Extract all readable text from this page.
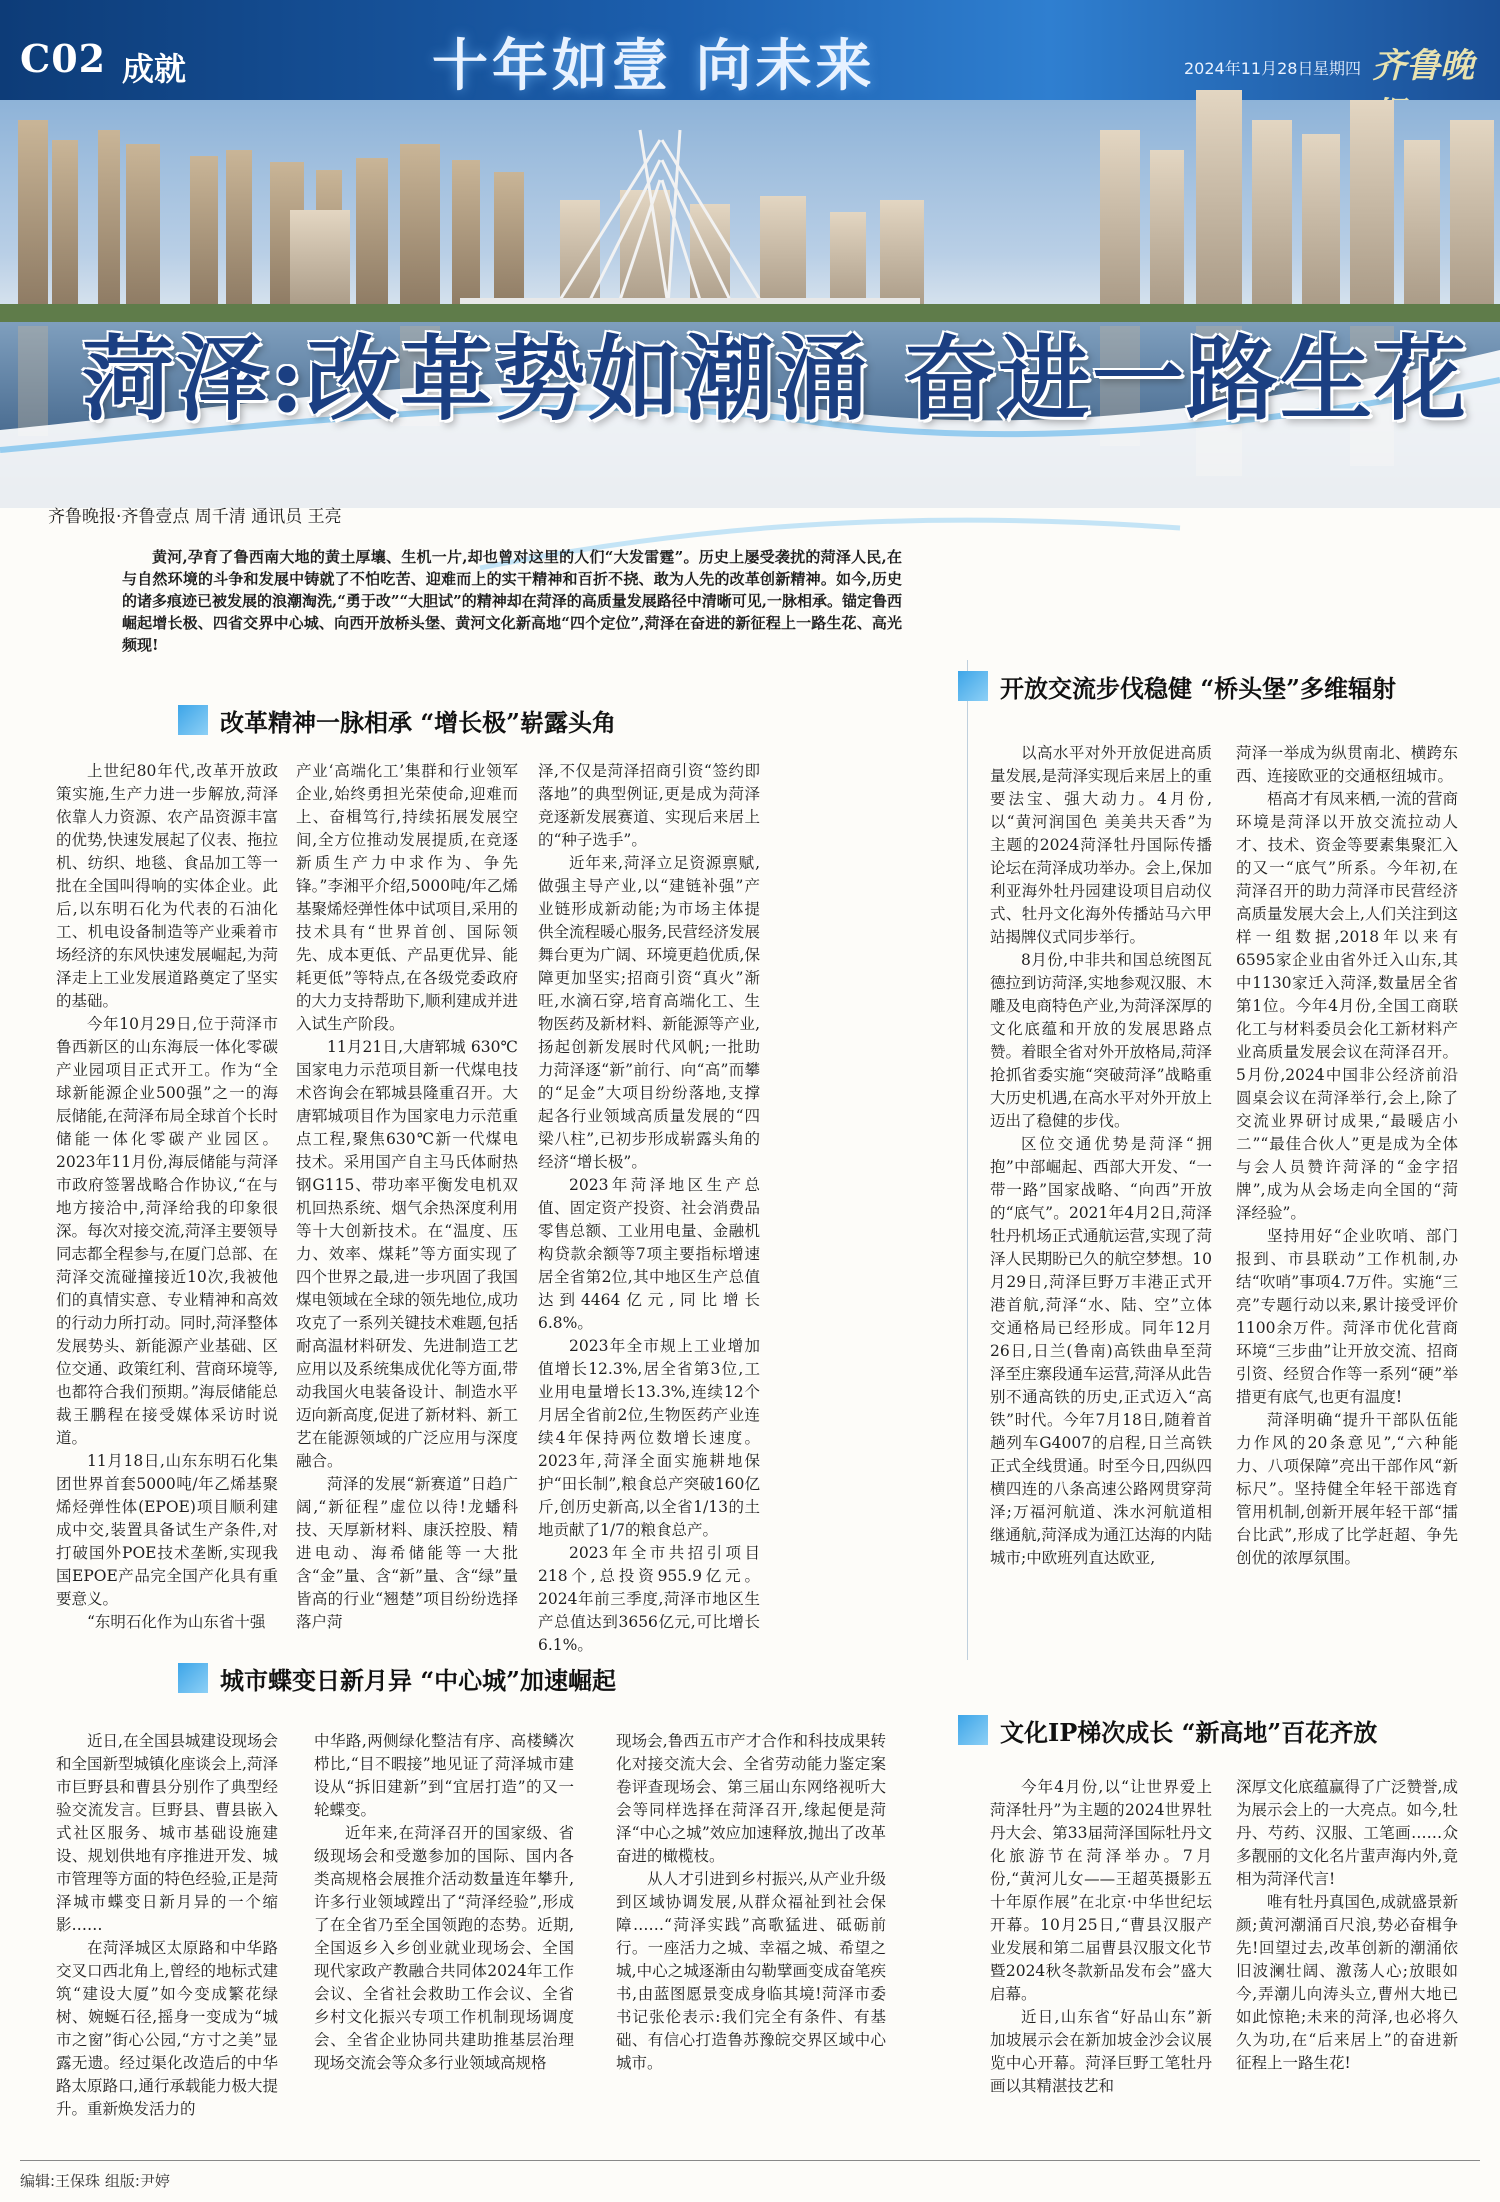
C02 成就	十年如壹 向未来	2024年11月28日 星期四 齐鲁晚
菏泽:改革势如潮涌 奋进一路生花
齐鲁晚报·齐鲁壹点 周千清 通讯员 王亮

黄河,孕育了鲁西南大地的黄土厚壤、生机一片,却也曾对这里的人们“大发雷霆”。历史上屡受袭扰的菏泽人民,在与自然环境的斗争和发展中铸就了不怕吃苦、迎难而上的实干精神和百折不挠、敢为人先的改革创新精神。如今,历史的诸多痕迹已被发展的浪潮淘洗,“勇于改”“大胆试”的精神却在菏泽的高质量发展路径中清晰可见,一脉相承。锚定鲁西崛起增长极、四省交界中心城、向西开放桥头堡、黄河文化新高地“四个定位”,菏泽在奋进的新征程上一路生花、高光频现!

改革精神一脉相承 “增长极”崭露头角

上世纪80年代,改革开放政策实施,生产力进一步解放,菏泽依靠人力资源、农产品资源丰富的优势,快速发展起了仪表、拖拉机、纺织、地毯、食品加工等一批在全国叫得响的实体企业。此后,以东明石化为代表的石油化工、机电设备制造等产业乘着市场经济的东风快速发展崛起,为菏泽走上工业发展道路奠定了坚实的基础。

今年10月29日,位于菏泽市鲁西新区的山东海辰一体化零碳产业园项目正式开工。作为“全球新能源企业500强”之一的海辰储能,在菏泽布局全球首个长时储能一体化零碳产业园区。2023年11月份,海辰储能与菏泽市政府签署战略合作协议,“在与地方接洽中,菏泽给我的印象很深。每次对接交流,菏泽主要领导同志都全程参与,在厦门总部、在菏泽交流碰撞接近10次,我被他们的真情实意、专业精神和高效的行动力所打动。同时,菏泽整体发展势头、新能源产业基础、区位交通、政策红利、营商环境等,也都符合我们预期。”海辰储能总裁王鹏程在接受媒体采访时说道。

11月18日,山东东明石化集团世界首套5000吨/年乙烯基聚烯烃弹性体(EPOE)项目顺利建成中交,装置具备试生产条件,对打破国外POE技术垄断,实现我国EPOE产品完全国产化具有重要意义。

“东明石化作为山东省十强

产业‘高端化工’集群和行业领军企业,始终勇担光荣使命,迎难而上、奋楫笃行,持续拓展发展空间,全方位推动发展提质,在竞逐新质生产力中求作为、争先锋。”李湘平介绍,5000吨/年乙烯基聚烯烃弹性体中试项目,采用的技术具有“世界首创、国际领先、成本更低、产品更优异、能耗更低”等特点,在各级党委政府的大力支持帮助下,顺利建成并进入试生产阶段。

11月21日,大唐郓城 630℃国家电力示范项目新一代煤电技术咨询会在郓城县隆重召开。大唐郓城项目作为国家电力示范重点工程,聚焦630℃新一代煤电技术。采用国产自主马氏体耐热钢G115、带功率平衡发电机双机回热系统、烟气余热深度利用等十大创新技术。在“温度、压力、效率、煤耗”等方面实现了四个世界之最,进一步巩固了我国煤电领域在全球的领先地位,成功攻克了一系列关键技术难题,包括耐高温材料研发、先进制造工艺应用以及系统集成优化等方面,带动我国火电装备设计、制造水平迈向新高度,促进了新材料、新工艺在能源领域的广泛应用与深度融合。

菏泽的发展“新赛道”日趋广阔,“新征程”虚位以待!龙蟠科技、天厚新材料、康沃控股、精进电动、海希储能等一大批含“金”量、含“新”量、含“绿”量皆高的行业“翘楚”项目纷纷选择落户菏

泽,不仅是菏泽招商引资“签约即落地”的典型例证,更是成为菏泽竞逐新发展赛道、实现后来居上的“种子选手”。

近年来,菏泽立足资源禀赋,做强主导产业,以“建链补强”产业链形成新动能;为市场主体提供全流程暖心服务,民营经济发展舞台更为广阔、环境更趋优质,保障更加坚实;招商引资“真火”渐旺,水滴石穿,培育高端化工、生物医药及新材料、新能源等产业,扬起创新发展时代风帆;一批助力菏泽逐“新”前行、向“高”而攀的“足金”大项目纷纷落地,支撑起各行业领域高质量发展的“四梁八柱”,已初步形成崭露头角的经济“增长极”。

2023年菏泽地区生产总值、固定资产投资、社会消费品零售总额、工业用电量、金融机构贷款余额等7项主要指标增速居全省第2位,其中地区生产总值达到4464亿元,同比增长6.8%。

2023年全市规上工业增加值增长12.3%,居全省第3位,工业用电量增长13.3%,连续12个月居全省前2位,生物医药产业连续4年保持两位数增长速度。2023年,菏泽全面实施耕地保护“田长制”,粮食总产突破160亿斤,创历史新高,以全省1/13的土地贡献了1/7的粮食总产。

2023年全市共招引项目218个,总投资955.9亿元。2024年前三季度,菏泽市地区生产总值达到3656亿元,可比增长6.1%。

开放交流步伐稳健 “桥头堡”多维辐射

以高水平对外开放促进高质量发展,是菏泽实现后来居上的重要法宝、强大动力。4月份,以“黄河润国色 美美共天香”为主题的2024菏泽牡丹国际传播论坛在菏泽成功举办。会上,保加利亚海外牡丹园建设项目启动仪式、牡丹文化海外传播站马六甲站揭牌仪式同步举行。

8月份,中非共和国总统图瓦德拉到访菏泽,实地参观汉服、木雕及电商特色产业,为菏泽深厚的文化底蕴和开放的发展思路点赞。着眼全省对外开放格局,菏泽抢抓省委实施“突破菏泽”战略重大历史机遇,在高水平对外开放上迈出了稳健的步伐。

区位交通优势是菏泽“拥抱”中部崛起、西部大开发、“一带一路”国家战略、“向西”开放的“底气”。2021年4月2日,菏泽牡丹机场正式通航运营,实现了菏泽人民期盼已久的航空梦想。10月29日,菏泽巨野万丰港正式开港首航,菏泽“水、陆、空”立体交通格局已经形成。同年12月26日,日兰(鲁南)高铁曲阜至菏泽至庄寨段通车运营,菏泽从此告别不通高铁的历史,正式迈入“高铁”时代。今年7月18日,随着首趟列车G4007的启程,日兰高铁正式全线贯通。时至今日,四纵四横四连的八条高速公路网贯穿菏泽;万福河航道、洙水河航道相继通航,菏泽成为通江达海的内陆城市;中欧班列直达欧亚,

菏泽一举成为纵贯南北、横跨东西、连接欧亚的交通枢纽城市。

梧高才有凤来栖,一流的营商环境是菏泽以开放交流拉动人才、技术、资金等要素集聚汇入的又一“底气”所系。今年初,在菏泽召开的助力菏泽市民营经济高质量发展大会上,人们关注到这样一组数据,2018年以来有6595家企业由省外迁入山东,其中1130家迁入菏泽,数量居全省第1位。今年4月份,全国工商联化工与材料委员会化工新材料产业高质量发展会议在菏泽召开。5月份,2024中国非公经济前沿圆桌会议在菏泽举行,会上,除了交流业界研讨成果,“最暖店小二”“最佳合伙人”更是成为全体与会人员赞许菏泽的“金字招牌”,成为从会场走向全国的“菏泽经验”。

坚持用好“企业吹哨、部门报到、市县联动”工作机制,办结“吹哨”事项4.7万件。实施“三亮”专题行动以来,累计接受评价1100余万件。菏泽市优化营商环境“三步曲”让开放交流、招商引资、经贸合作等一系列“硬”举措更有底气,也更有温度!

菏泽明确“提升干部队伍能力作风的20条意见”,“六种能力、八项保障”亮出干部作风“新标尺”。坚持健全年轻干部选育管用机制,创新开展年轻干部“擂台比武”,形成了比学赶超、争先创优的浓厚氛围。

城市蝶变日新月异 “中心城”加速崛起

近日,在全国县城建设现场会和全国新型城镇化座谈会上,菏泽市巨野县和曹县分别作了典型经验交流发言。巨野县、曹县嵌入式社区服务、城市基础设施建设、规划供地有序推进开发、城市管理等方面的特色经验,正是菏泽城市蝶变日新月异的一个缩影……

在菏泽城区太原路和中华路交叉口西北角上,曾经的地标式建筑“建设大厦”如今变成繁花绿树、婉蜒石径,摇身一变成为“城市之窗”街心公园,“方寸之美”显露无遗。经过渠化改造后的中华路太原路口,通行承载能力极大提升。重新焕发活力的

中华路,两侧绿化整洁有序、高楼鳞次栉比,“目不暇接”地见证了菏泽城市建设从“拆旧建新”到“宜居打造”的又一轮蝶变。

近年来,在菏泽召开的国家级、省级现场会和受邀参加的国际、国内各类高规格会展推介活动数量连年攀升,许多行业领域蹚出了“菏泽经验”,形成了在全省乃至全国领跑的态势。近期,全国返乡入乡创业就业现场会、全国现代家政产教融合共同体2024年工作会议、全省社会救助工作会议、全省乡村文化振兴专项工作机制现场调度会、全省企业协同共建助推基层治理现场交流会等众多行业领域高规格

现场会,鲁西五市产才合作和科技成果转化对接交流大会、全省劳动能力鉴定案卷评查现场会、第三届山东网络视听大会等同样选择在菏泽召开,缘起便是菏泽“中心之城”效应加速释放,抛出了改革奋进的橄榄枝。

从人才引进到乡村振兴,从产业升级到区域协调发展,从群众福祉到社会保障……“菏泽实践”高歌猛进、砥砺前行。一座活力之城、幸福之城、希望之城,中心之城逐渐由勾勒擘画变成奋笔疾书,由蓝图愿景变成身临其境!菏泽市委书记张伦表示:我们完全有条件、有基础、有信心打造鲁苏豫皖交界区域中心城市。

文化IP梯次成长 “新高地”百花齐放

今年4月份,以“让世界爱上菏泽牡丹”为主题的2024世界牡丹大会、第33届菏泽国际牡丹文化旅游节在菏泽举办。7月份,“黄河儿女——王超英摄影五十年原作展”在北京·中华世纪坛开幕。10月25日,“曹县汉服产业发展和第二届曹县汉服文化节暨2024秋冬款新品发布会”盛大启幕。

近日,山东省“好品山东”新加坡展示会在新加坡金沙会议展览中心开幕。菏泽巨野工笔牡丹画以其精湛技艺和

深厚文化底蕴赢得了广泛赞誉,成为展示会上的一大亮点。如今,牡丹、芍药、汉服、工笔画……众多靓丽的文化名片蜚声海内外,竟相为菏泽代言!

唯有牡丹真国色,成就盛景新颜;黄河潮涌百尺浪,势必奋楫争先!回望过去,改革创新的潮涌依旧波澜壮阔、激荡人心;放眼如今,弄潮儿向涛头立,曹州大地已如此惊艳;未来的菏泽,也必将久久为功,在“后来居上”的奋进新征程上一路生花!

编辑:王保珠 组版:尹婷
